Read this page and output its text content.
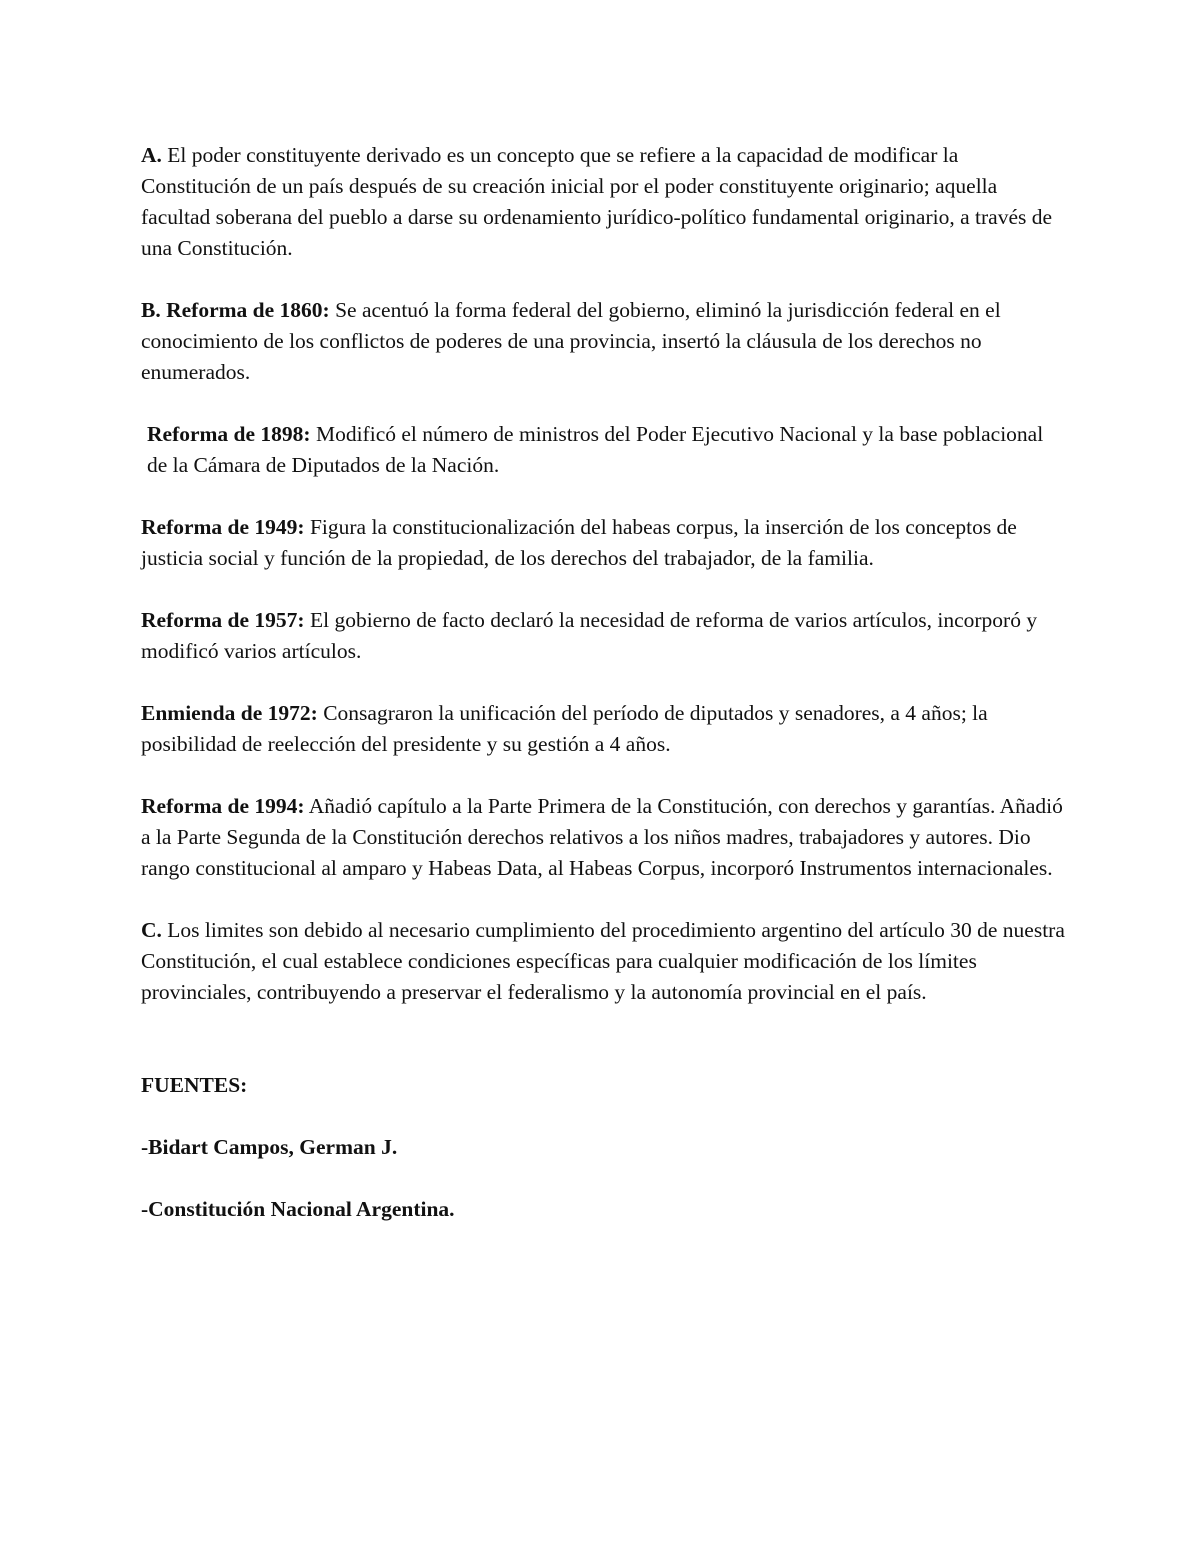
A. El poder constituyente derivado es un concepto que se refiere a la capacidad de modificar la Constitución de un país después de su creación inicial por el poder constituyente originario; aquella facultad soberana del pueblo a darse su ordenamiento jurídico-político fundamental originario, a través de una Constitución.

B. Reforma de 1860: Se acentuó la forma federal del gobierno, eliminó la jurisdicción federal en el conocimiento de los conflictos de poderes de una provincia, insertó la cláusula de los derechos no enumerados.

Reforma de 1898: Modificó el número de ministros del Poder Ejecutivo Nacional y la base poblacional de la Cámara de Diputados de la Nación.

Reforma de 1949: Figura la constitucionalización del habeas corpus, la inserción de los conceptos de justicia social y función de la propiedad, de los derechos del trabajador, de la familia.

Reforma de 1957: El gobierno de facto declaró la necesidad de reforma de varios artículos, incorporó y modificó varios artículos.

Enmienda de 1972: Consagraron la unificación del período de diputados y senadores, a 4 años; la posibilidad de reelección del presidente y su gestión a 4 años.

Reforma de 1994: Añadió capítulo a la Parte Primera de la Constitución, con derechos y garantías. Añadió a la Parte Segunda de la Constitución derechos relativos a los niños madres, trabajadores y autores. Dio rango constitucional al amparo y Habeas Data, al Habeas Corpus, incorporó Instrumentos internacionales.

C. Los limites son debido al necesario cumplimiento del procedimiento argentino del artículo 30 de nuestra Constitución, el cual establece condiciones específicas para cualquier modificación de los límites provinciales, contribuyendo a preservar el federalismo y la autonomía provincial en el país.

FUENTES:

-Bidart Campos, German J.

-Constitución Nacional Argentina.
